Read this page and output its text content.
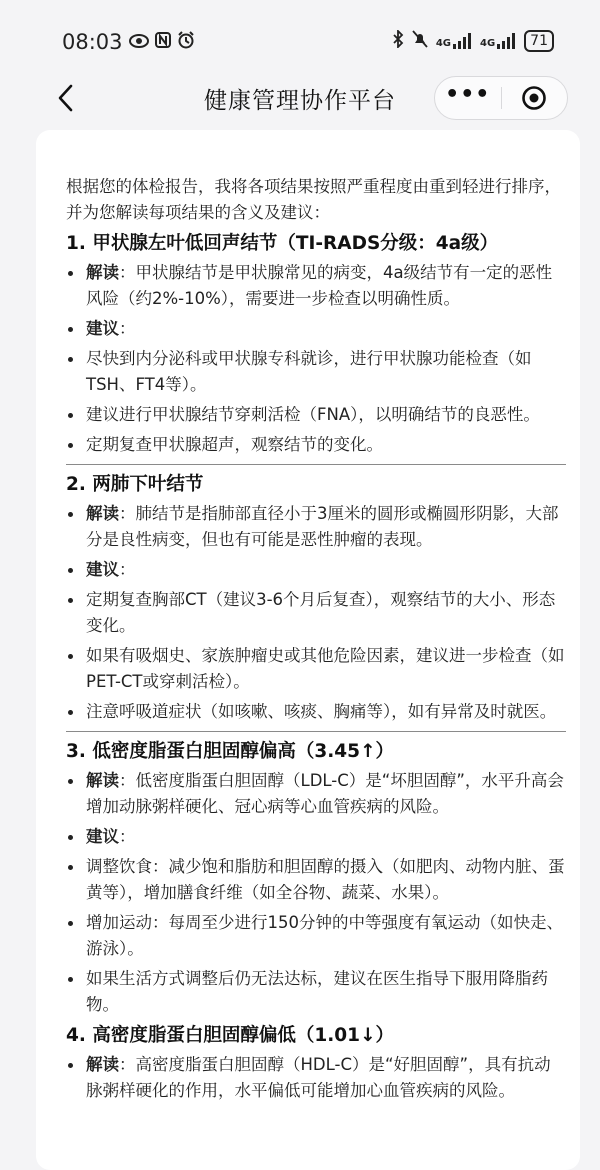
08:03	4G	4G	71
健康管理协作平台	•••

根据您的体检报告，我将各项结果按照严重程度由重到轻进行排序，并为您解读每项结果的含义及建议：

1. 甲状腺左叶低回声结节（TI-RADS分级：4a级）
解读：甲状腺结节是甲状腺常见的病变，4a级结节有一定的恶性风险（约2%-10%），需要进一步检查以明确性质。
建议：
尽快到内分泌科或甲状腺专科就诊，进行甲状腺功能检查（如TSH、FT4等）。
建议进行甲状腺结节穿刺活检（FNA），以明确结节的良恶性。
定期复查甲状腺超声，观察结节的变化。
2. 两肺下叶结节
解读：肺结节是指肺部直径小于3厘米的圆形或椭圆形阴影，大部分是良性病变，但也有可能是恶性肿瘤的表现。
建议：
定期复查胸部CT（建议3-6个月后复查），观察结节的大小、形态变化。
如果有吸烟史、家族肿瘤史或其他危险因素，建议进一步检查（如PET-CT或穿刺活检）。
注意呼吸道症状（如咳嗽、咳痰、胸痛等），如有异常及时就医。
3. 低密度脂蛋白胆固醇偏高（3.45↑）
解读：低密度脂蛋白胆固醇（LDL-C）是“坏胆固醇”，水平升高会增加动脉粥样硬化、冠心病等心血管疾病的风险。
建议：
调整饮食：减少饱和脂肪和胆固醇的摄入（如肥肉、动物内脏、蛋黄等），增加膳食纤维（如全谷物、蔬菜、水果）。
增加运动：每周至少进行150分钟的中等强度有氧运动（如快走、游泳）。
如果生活方式调整后仍无法达标，建议在医生指导下服用降脂药物。
4. 高密度脂蛋白胆固醇偏低（1.01↓）
解读：高密度脂蛋白胆固醇（HDL-C）是“好胆固醇”，具有抗动脉粥样硬化的作用，水平偏低可能增加心血管疾病的风险。
